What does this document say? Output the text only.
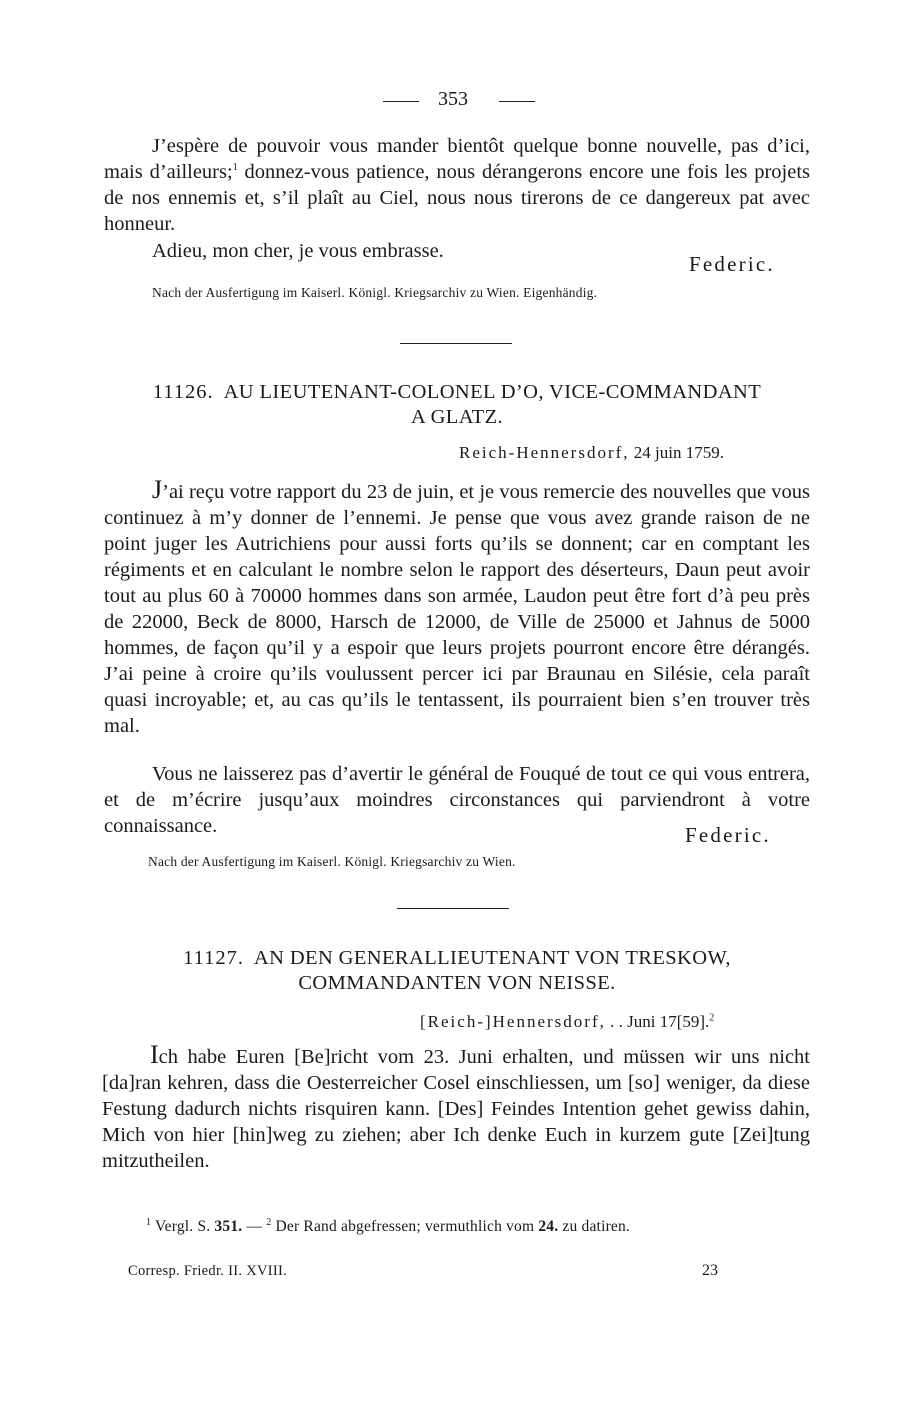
353
J’espère de pouvoir vous mander bientôt quelque bonne nouvelle, pas d’ici, mais d’ailleurs;$^1$ donnez-vous patience, nous dérangerons encore une fois les projets de nos ennemis et, s’il plaît au Ciel, nous nous tirerons de ce dangereux pat avec honneur.
Adieu, mon cher, je vous embrasse.
Federic.
Nach der Ausfertigung im Kaiserl. Königl. Kriegsarchiv zu Wien. Eigenhändig.
11126. AU LIEUTENANT-COLONEL D’O, VICE-COMMANDANT
A GLATZ.
Reich-Hennersdorf, 24 juin 1759.
J’ai reçu votre rapport du 23 de juin, et je vous remercie des nouvelles que vous continuez à m’y donner de l’ennemi. Je pense que vous avez grande raison de ne point juger les Autrichiens pour aussi forts qu’ils se donnent; car en comptant les régiments et en calculant le nombre selon le rapport des déserteurs, Daun peut avoir tout au plus 60 à 70000 hommes dans son armée, Laudon peut être fort d’à peu près de 22000, Beck de 8000, Harsch de 12000, de Ville de 25000 et Jahnus de 5000 hommes, de façon qu’il y a espoir que leurs projets pourront encore être dérangés. J’ai peine à croire qu’ils voulussent percer ici par Braunau en Silésie, cela paraît quasi incroyable; et, au cas qu’ils le tentassent, ils pourraient bien s’en trouver très mal.
Vous ne laisserez pas d’avertir le général de Fouqué de tout ce qui vous entrera, et de m’écrire jusqu’aux moindres circonstances qui parviendront à votre connaissance.	Federic.
Nach der Ausfertigung im Kaiserl. Königl. Kriegsarchiv zu Wien.
11127. AN DEN GENERALLIEUTENANT VON TRESKOW,
COMMANDANTEN VON NEISSE.
[Reich-]Hennersdorf, . . Juni 17[59].$^2$
Ich habe Euren [Be]richt vom 23. Juni erhalten, und müssen wir uns nicht [da]ran kehren, dass die Oesterreicher Cosel einschliessen, um [so] weniger, da diese Festung dadurch nichts risquiren kann. [Des] Feindes Intention gehet gewiss dahin, Mich von hier [hin]weg zu ziehen; aber Ich denke Euch in kurzem gute [Zei]tung mitzutheilen.
$^1$ Vergl. S. 351. — $^2$ Der Rand abgefressen; vermuthlich vom 24. zu datiren.
Corresp. Friedr. II. XVIII.	23
